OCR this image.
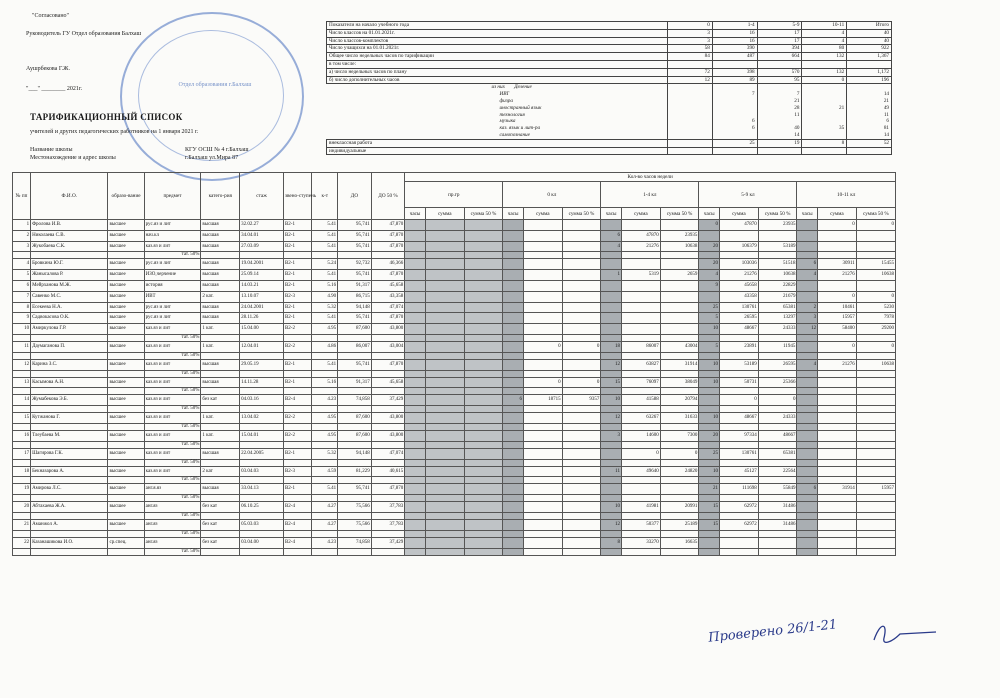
Отдел образования г.Балхаш
"Согласовано"
Руководитель ГУ Отдел образования Балхаш
Аушрбекова Г.Ж.
"___" ________ 2021г.
ТАРИФИКАЦИОННЫЙ СПИСОК
учителей и других педагогических работников на 1 января 2021 г.
Название школы	КГУ ОСШ № 4 г.Балхаш
Местонахождение и адрес школы	г.Балхаш ул.Мира 87
Показатели на начало учебного года	0	1-4	5-9	10-11	Итого
Число классов на 01.01.2021г.	3	16	17	4	40
Число классов-комплектов	3	16	17	4	40
Число учащихся на 01.01.2021г.	58	390	394	80	922
Общее число недельных часов по тарификации	84	487	664	132	1,367
в том числе:					
а) число недельных часов по плану	72	398	570	132	1,172
б) число дополнительных часов	12	89	95	0	196
из них Деление					
ИВТ		7	7		14
физра			21		21
иностранный язык			28	21	49
технология			11		11
музыка		6			6
каз. язык и лит-ра		6	40	35	81
самопознание			14		14
внеклассная работа		25	19	8	52
индивидуальные					
№ пп	Ф.И.О.	образо-вание	предмет	катего-рия	стаж	звено-ступень	к-т	ДО	ДО 50 %	Кол-во часов недели														
										пр.гр			0 кл			1-4 кл			5-9 кл			10-11 кл		
										часы	сумма	сумма 50 %	часы	сумма	сумма 50 %	часы	сумма	сумма 50 %	часы	сумма	сумма 50 %	часы	сумма	сумма 50 %
1	Фролова И.В.	высшее	рус.яз и лит	высшая	32.02.27	В2-1	5.41	95,741	47,870										0	47870	23935		0	0
2	Николаева С.В.	высшее	нач.кл	высшая	34.04.01	В2-1	5.41	95,741	47,870							6	47870	23935						
3	Жукобаева С.К.	высшее	каз.яз и лит	высшая	27.03.09	В2-1	5.41	95,741	47,870							4	21276	10638	20	106379	53189			
			тат. 50%																					
4	Бровкина Ю.Г.	высшее	рус.яз и лит	высшая	19.04.2001	В2-1	5.24	92,732	46,366										20	103036	51518	6	30911	15455
5	Жанысалова Р.	высшее	ИЗО,черчение	высшая	25.09.14	В2-1	5.41	95,741	47,870							1	5319	2659	4	21276	10638	4	21276	10638
6	Мейрханова М.Ж.	высшее	история	высшая	14.03.21	В2-1	5.16	91,317	45,658										9	45658	22829			
7	Савенко М.С.	высшее	ИВТ	2 кат.	13.10.07	В2-3	4.90	86,715	43,358											43358	21679		0	0
8	Есекеева Н.А.	высшее	рус.яз и лит	высшая	24.04.2001	В2-1	5.32	94,148	47,074										25	130761	65381	2	10461	5230
9	Садвокасова О.К.	высшее	рус.яз и лит	высшая	28.11.26	В2-1	5.41	95,741	47,870										5	26595	13297	3	15957	7978
10	Амиркулова Г.Р.	высшее	каз.яз и лит	1 кат.	15.04.00	В2-2	4.95	87,600	43,800										10	48667	24333	12	58400	29200
			тат. 50%																					
11	Даумаганова П.	высшее	каз.яз и лит	1 кат.	12.04.01	В2-2	4.86	86,007	43,004					0	0	18	86007	43004	5	23891	11945		0	0
			тат. 50%																					
12	Карина З.С.	высшее	каз.яз и лит	высшая	29.05.19	В2-1	5.41	95,741	47,870							12	63827	31914	10	53189	26595	4	21276	10638
			тат. 50%																					
13	Касымова А.Н.	высшее	каз.яз и лит	высшая	14.11.28	В2-1	5.16	91,317	45,658					0	0	15	76097	38049	10	50731	25366			
			тат. 50%																					
14	Жумабекова Э.Б.	высшее	каз.яз и лит	без кат	04.03.16	В2-4	4.23	74,858	37,429				6	18715	9357	10	41588	20794		0	0			
			тат. 50%																					
15	Кутжанова Г.	высшее	каз.яз и лит	1 кат.	13.04.02	В2-2	4.95	87,600	43,800							12	63267	31633	10	48667	24333			
			тат. 50%																					
16	Тлеубаева М.	высшее	каз.яз и лит	1 кат.	15.04.01	В2-2	4.95	87,600	43,800							3	14600	7300	20	97334	48667			
			тат. 50%																					
17	Шагирова Г.К.	высшее	каз.яз и лит	высшая	22.04.2005	В2-1	5.32	94,148	47,074								0	0	25	130761	65381			
			тат. 50%																					
18	Бекназарова А.	высшее	каз.яз и лит	2 кат	03.04.03	В2-3	4.59	81,229	40,615							11	49640	24820	10	45127	22564			
			тат. 50%																					
19	Амирова Л.С.	высшее	анг.я.яз	высшая	33.04.13	В2-1	5.41	95,741	47,870										21	111698	55849	6	31914	15957
			тат. 50%																					
20	Абтахаева Ж.А.	высшее	анг.яз	без кат	06.10.25	В2-4	4.27	75,566	37,783							10	41981	20991	15	62972	31486			
			тат. 50%																					
21	Аманжол А.	высшее	анг.яз	без кат	05.03.03	В2-4	4.27	75,566	37,783							12	50377	25189	15	62972	31486			
			тат. 50%																					
22	Казанашикова И.О.	ср.спец.	анг.яз	без кат	03.04.00	В2-4	4.23	74,858	37,429							8	33270	16635						
			тат. 50%																					
Проверено 26/1-21
